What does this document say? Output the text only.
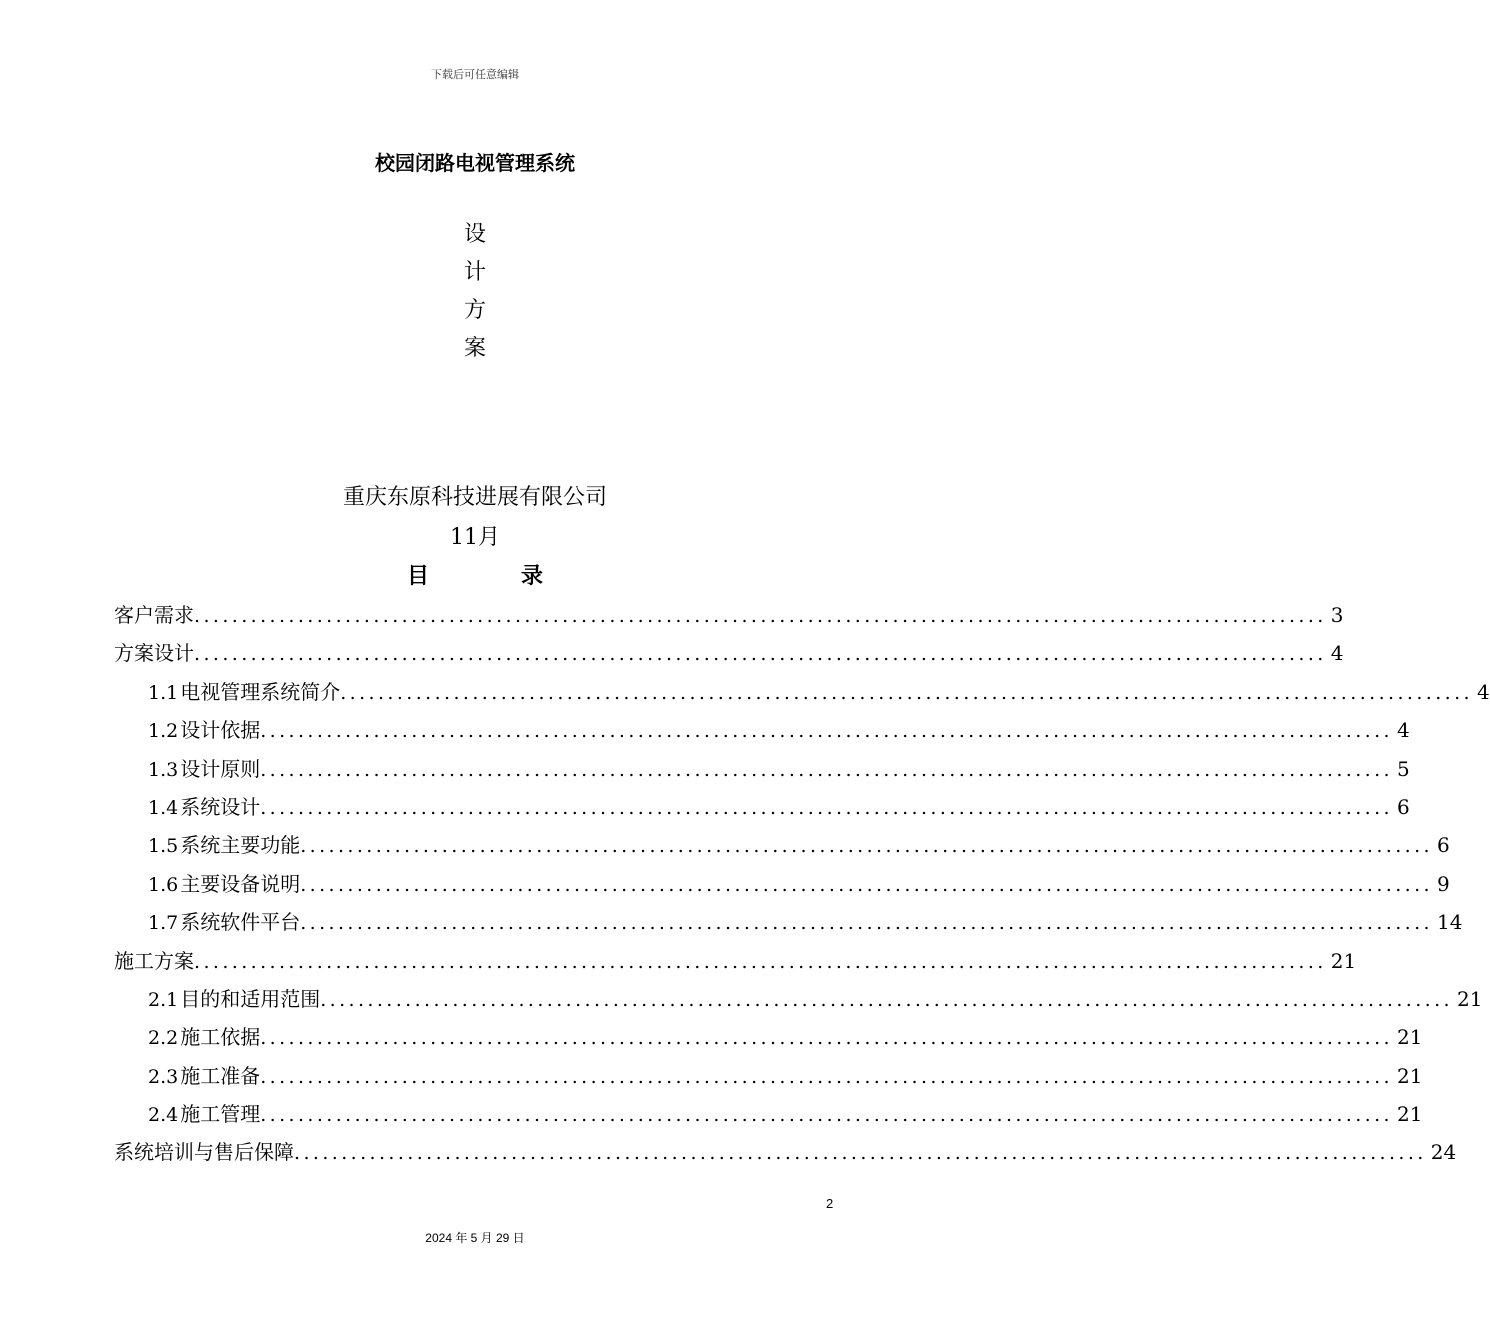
下载后可任意编辑
校园闭路电视管理系统
设
计
方
案
重庆东原科技进展有限公司
11月
目	录
客户需求 ........................................................................................................................ 3
方案设计 ........................................................................................................................ 4
1.1 电视管理系统简介 ........................................................................................................................ 4
1.2 设计依据 ........................................................................................................................ 4
1.3 设计原则 ........................................................................................................................ 5
1.4 系统设计 ........................................................................................................................ 6
1.5 系统主要功能 ........................................................................................................................ 6
1.6 主要设备说明 ........................................................................................................................ 9
1.7 系统软件平台 ........................................................................................................................ 14
施工方案 ........................................................................................................................ 21
2.1 目的和适用范围 ........................................................................................................................ 21
2.2 施工依据 ........................................................................................................................ 21
2.3 施工准备 ........................................................................................................................ 21
2.4 施工管理 ........................................................................................................................ 21
系统培训与售后保障 ........................................................................................................................ 24
2
2024 年 5 月 29 日
